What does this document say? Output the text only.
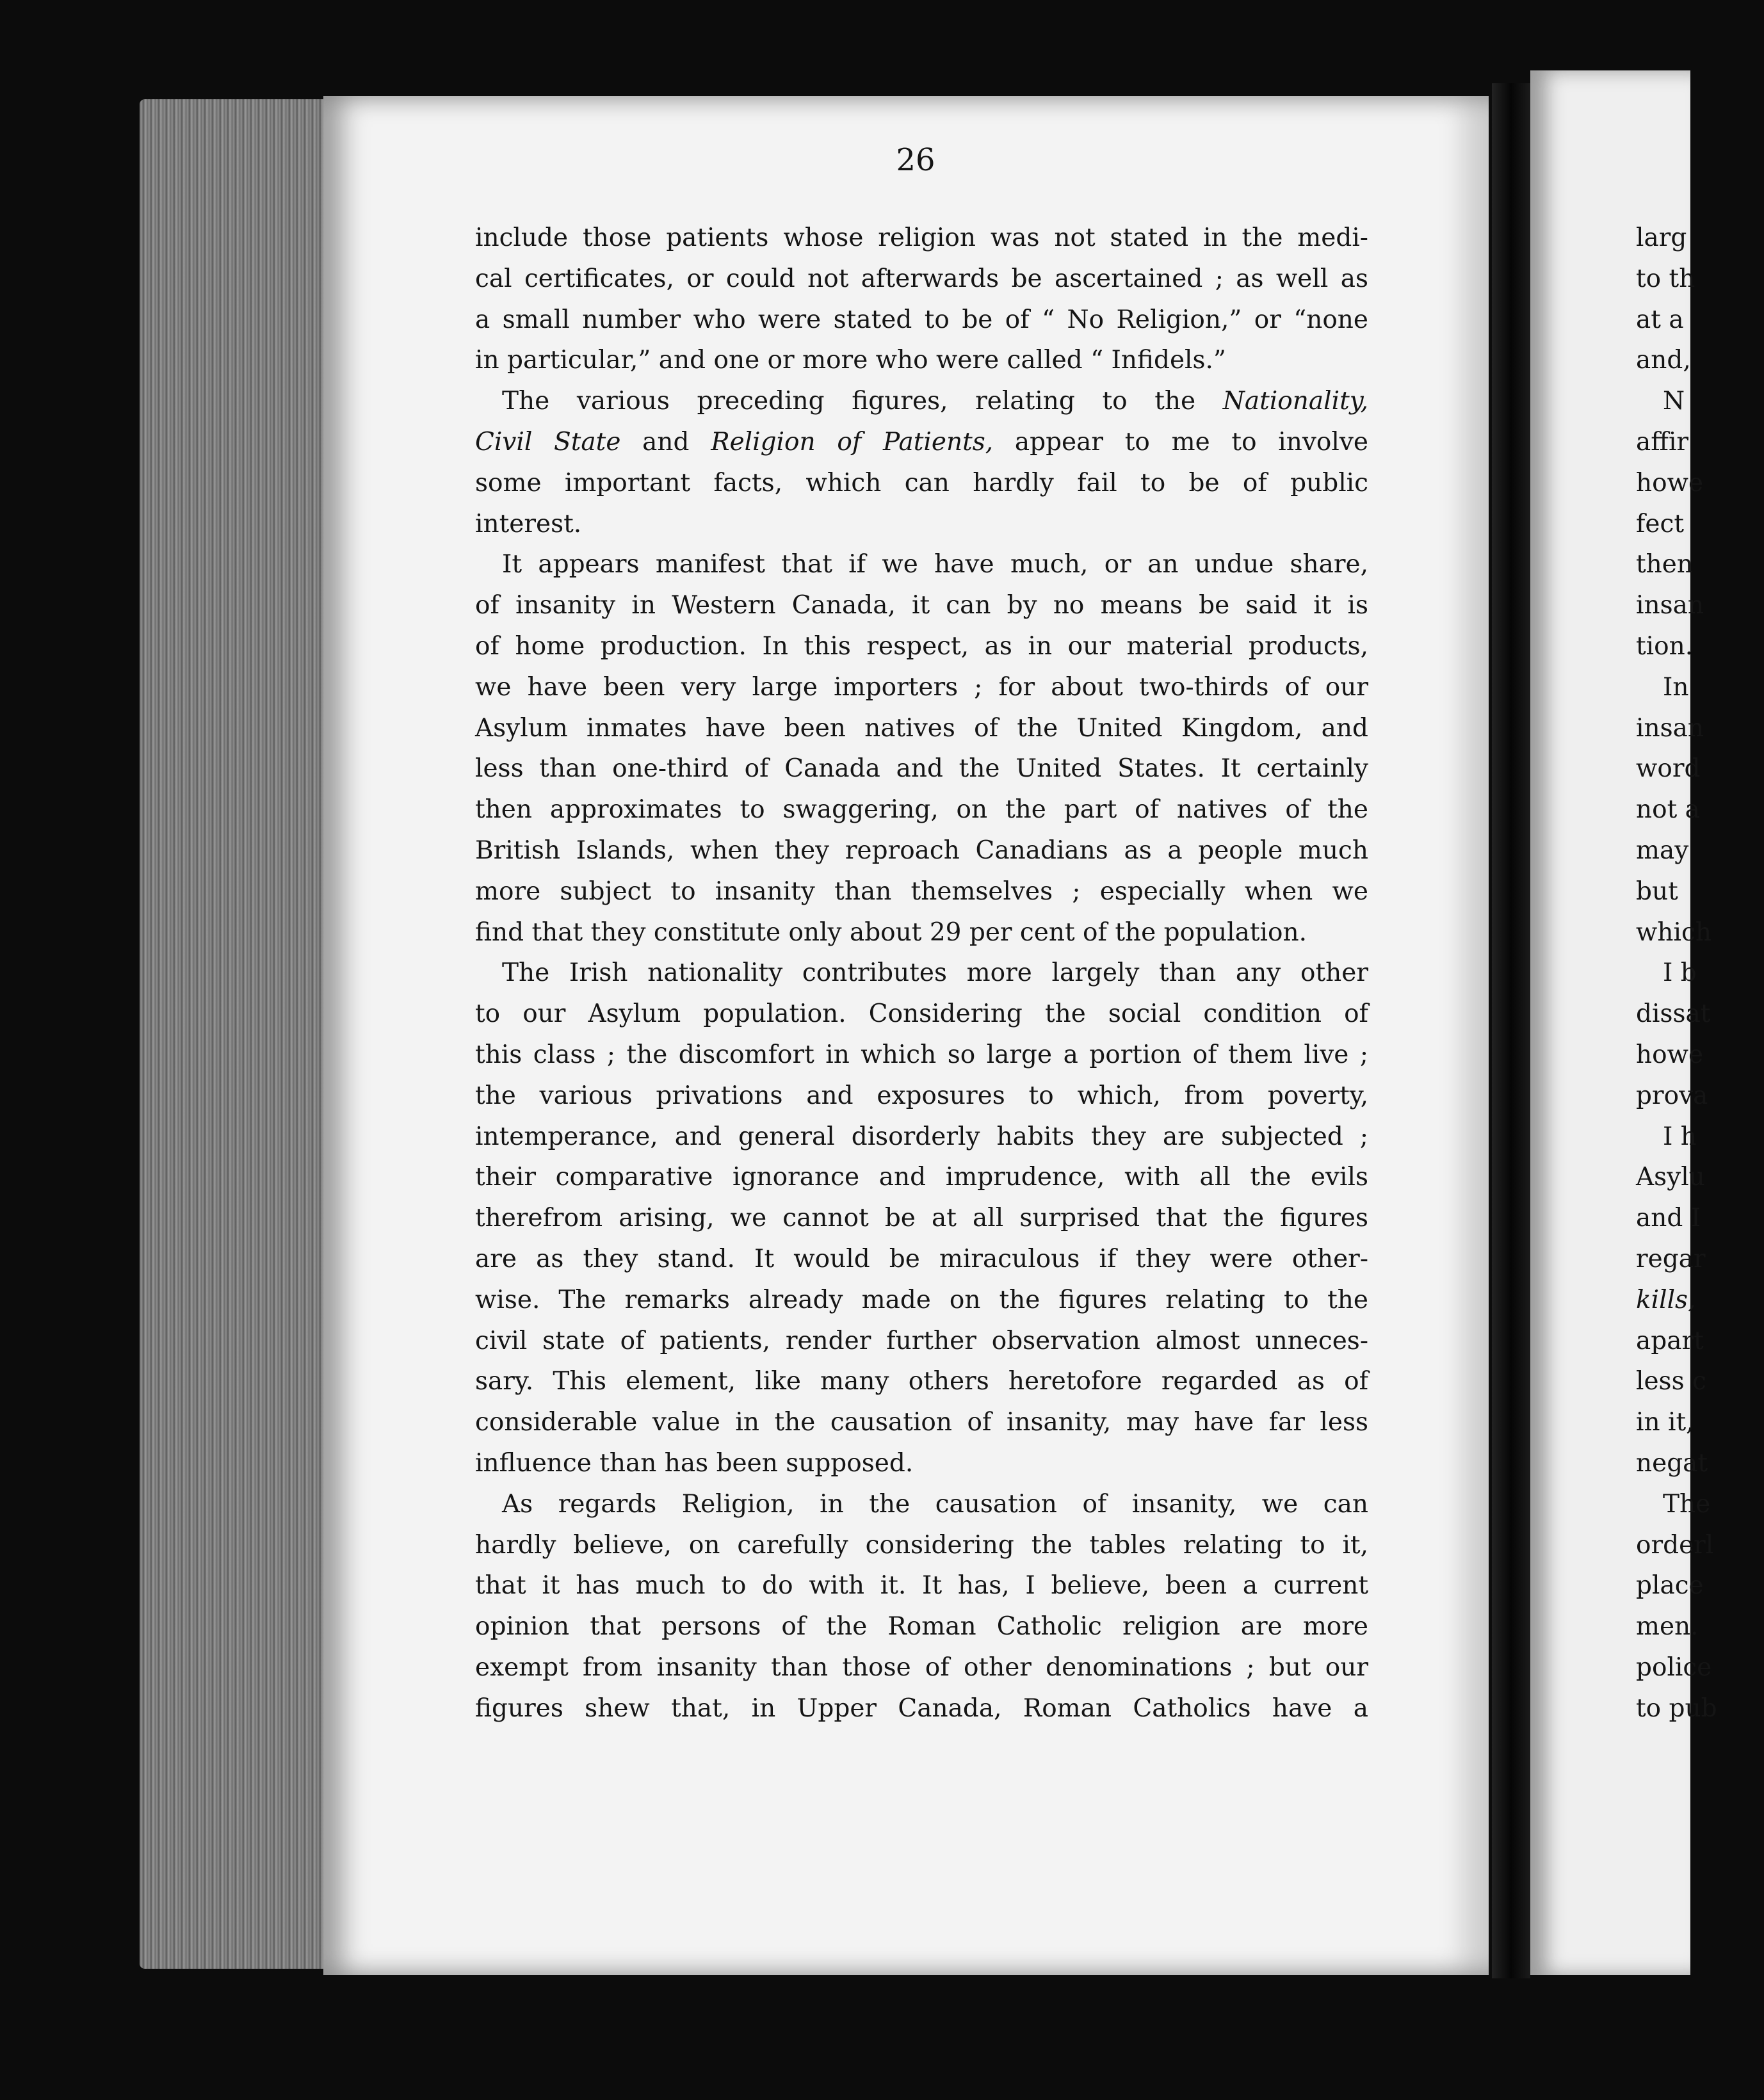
26
include those patients whose religion was not stated in the medi-
cal certificates, or could not afterwards be ascertained ; as well as
a small number who were stated to be of “ No Religion,” or “none
in particular,” and one or more who were called “ Infidels.”
The various preceding figures, relating to the Nationality,
Civil State and Religion of Patients, appear to me to involve
some important facts, which can hardly fail to be of public
interest.
It appears manifest that if we have much, or an undue share,
of insanity in Western Canada, it can by no means be said it is
of home production. In this respect, as in our material products,
we have been very large importers ; for about two-thirds of our
Asylum inmates have been natives of the United Kingdom, and
less than one-third of Canada and the United States. It certainly
then approximates to swaggering, on the part of natives of the
British Islands, when they reproach Canadians as a people much
more subject to insanity than themselves ; especially when we
find that they constitute only about 29 per cent of the population.
The Irish nationality contributes more largely than any other
to our Asylum population. Considering the social condition of
this class ; the discomfort in which so large a portion of them live ;
the various privations and exposures to which, from poverty,
intemperance, and general disorderly habits they are subjected ;
their comparative ignorance and imprudence, with all the evils
therefrom arising, we cannot be at all surprised that the figures
are as they stand. It would be miraculous if they were other-
wise. The remarks already made on the figures relating to the
civil state of patients, render further observation almost unneces-
sary. This element, like many others heretofore regarded as of
considerable value in the causation of insanity, may have far less
influence than has been supposed.
As regards Religion, in the causation of insanity, we can
hardly believe, on carefully considering the tables relating to it,
that it has much to do with it. It has, I believe, been a current
opinion that persons of the Roman Catholic religion are more
exempt from insanity than those of other denominations ; but our
figures shew that, in Upper Canada, Roman Catholics have a
larg
to th
at a
and,
N
affir
howe
fect
then
insan
tion.
In
insan
word
not a
may
but
which
I b
dissat
howe
prova
I h
Asylu
and I
regar
kills,
apart
less c
in it,
negat
The
orderl
place
men.
police
to pub
